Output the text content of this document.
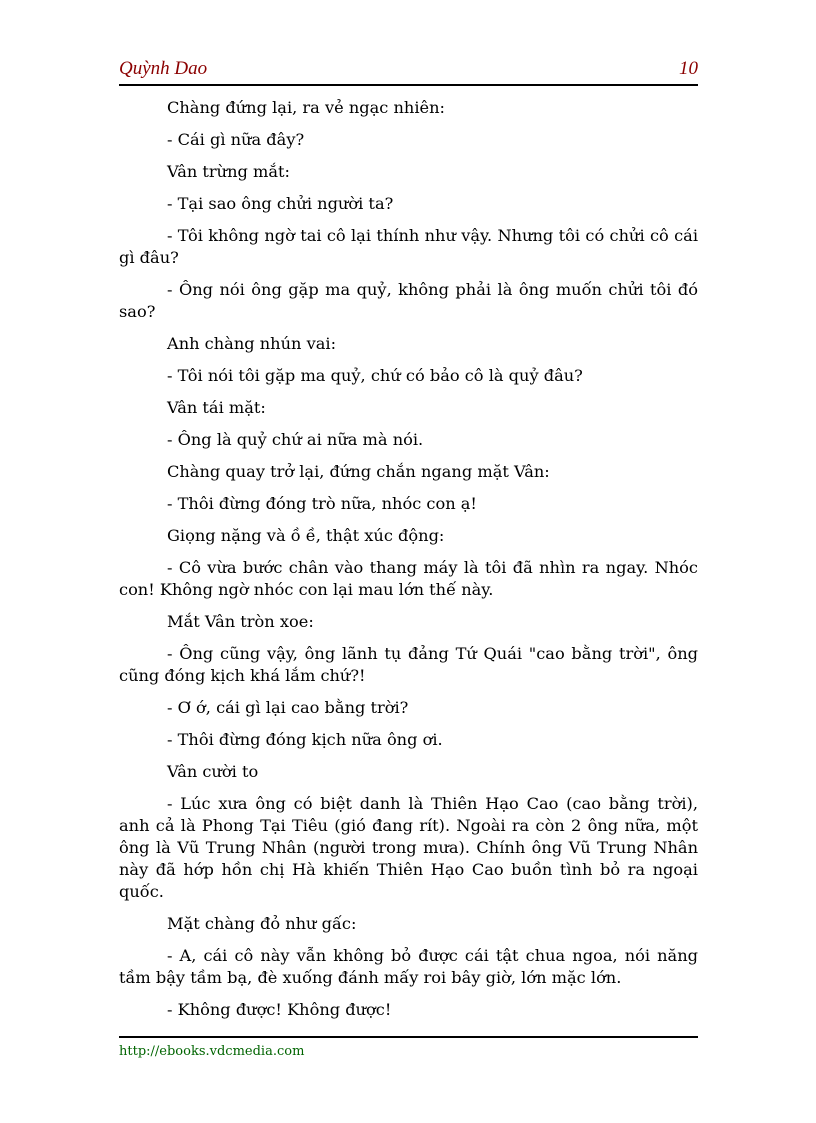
Quỳnh Dao	10

Chàng đứng lại, ra vẻ ngạc nhiên:

- Cái gì nữa đây?

Vân trừng mắt:

- Tại sao ông chửi người ta?

- Tôi không ngờ tai cô lại thính như vậy. Nhưng tôi có chửi cô cái gì đâu?

- Ông nói ông gặp ma quỷ, không phải là ông muốn chửi tôi đó sao?

Anh chàng nhún vai:

- Tôi nói tôi gặp ma quỷ, chứ có bảo cô là quỷ đâu?

Vân tái mặt:

- Ông là quỷ chứ ai nữa mà nói.

Chàng quay trở lại, đứng chắn ngang mặt Vân:

- Thôi đừng đóng trò nữa, nhóc con ạ!

Giọng nặng và ồ ề, thật xúc động:

- Cô vừa bước chân vào thang máy là tôi đã nhìn ra ngay. Nhóc con! Không ngờ nhóc con lại mau lớn thế này.

Mắt Vân tròn xoe:

- Ông cũng vậy, ông lãnh tụ đảng Tứ Quái "cao bằng trời", ông cũng đóng kịch khá lắm chứ?!

- Ơ ớ, cái gì lại cao bằng trời?

- Thôi đừng đóng kịch nữa ông ơi.

Vân cười to

- Lúc xưa ông có biệt danh là Thiên Hạo Cao (cao bằng trời), anh cả là Phong Tại Tiêu (gió đang rít). Ngoài ra còn 2 ông nữa, một ông là Vũ Trung Nhân (người trong mưa). Chính ông Vũ Trung Nhân này đã hớp hồn chị Hà khiến Thiên Hạo Cao buồn tình bỏ ra ngoại quốc.

Mặt chàng đỏ như gấc:

- A, cái cô này vẫn không bỏ được cái tật chua ngoa, nói năng tầm bậy tầm bạ, đè xuống đánh mấy roi bây giờ, lớn mặc lớn.

- Không được! Không được!

http://ebooks.vdcmedia.com
